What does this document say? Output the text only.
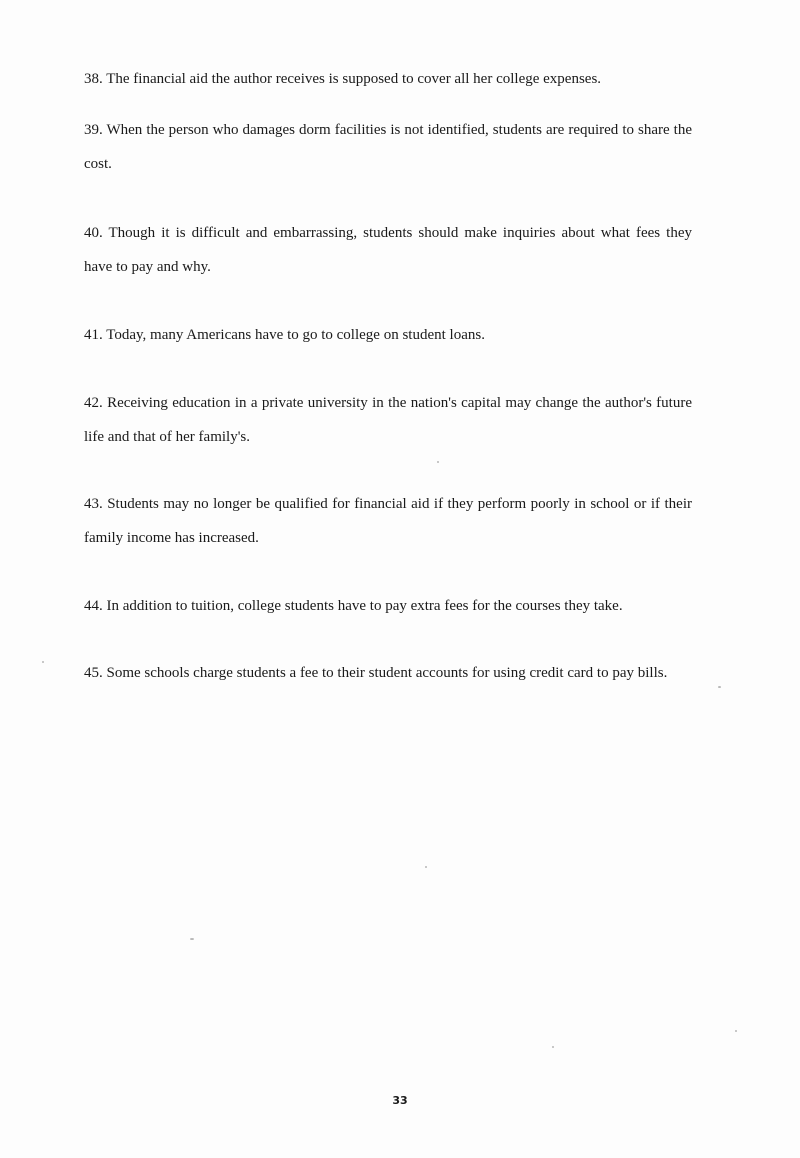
38. The financial aid the author receives is supposed to cover all her college expenses.

39. When the person who damages dorm facilities is not identified, students are required to share the cost.

40. Though it is difficult and embarrassing, students should make inquiries about what fees they have to pay and why.

41. Today, many Americans have to go to college on student loans.

42. Receiving education in a private university in the nation's capital may change the author's future life and that of her family's.

43. Students may no longer be qualified for financial aid if they perform poorly in school or if their family income has increased.

44. In addition to tuition, college students have to pay extra fees for the courses they take.

45. Some schools charge students a fee to their student accounts for using credit card to pay bills.

33
